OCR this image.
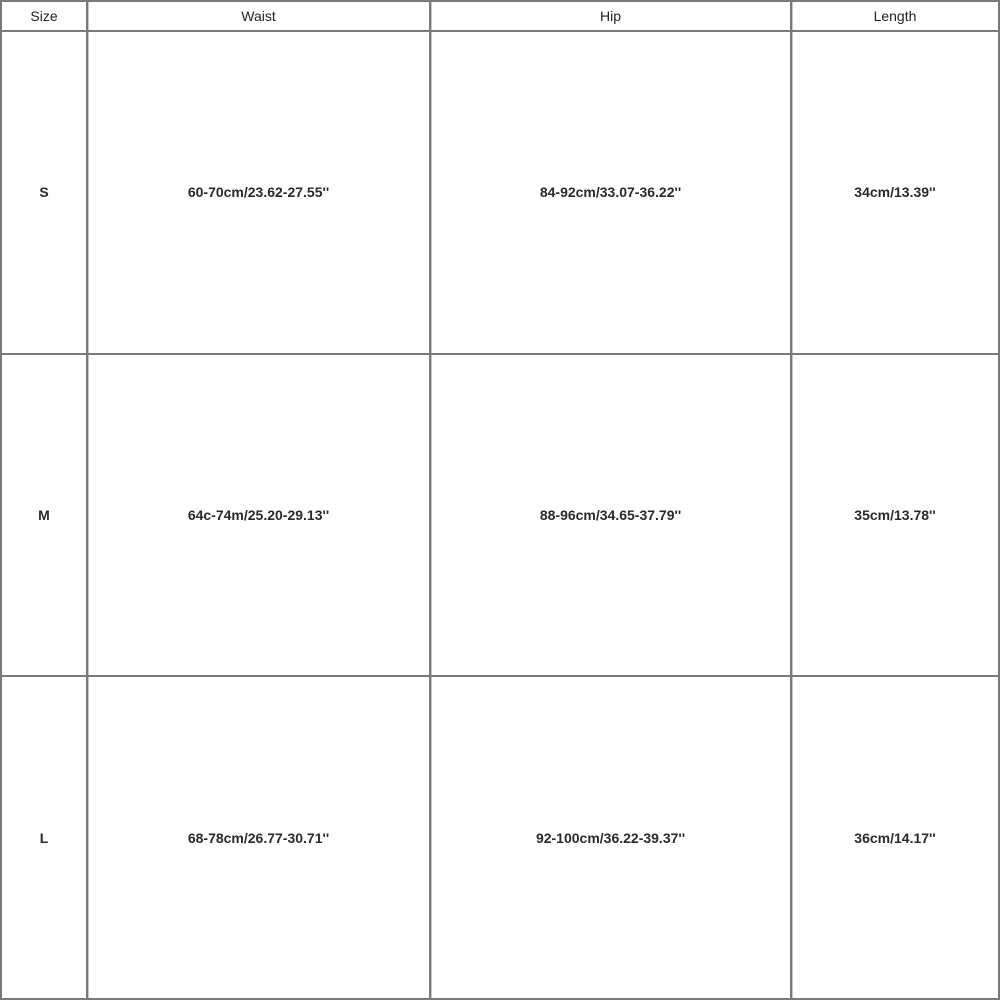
Size	Waist	Hip	Length
S	60-70cm/23.62-27.55''	84-92cm/33.07-36.22''	34cm/13.39''
M	64c-74m/25.20-29.13''	88-96cm/34.65-37.79''	35cm/13.78''
L	68-78cm/26.77-30.71''	92-100cm/36.22-39.37''	36cm/14.17''
